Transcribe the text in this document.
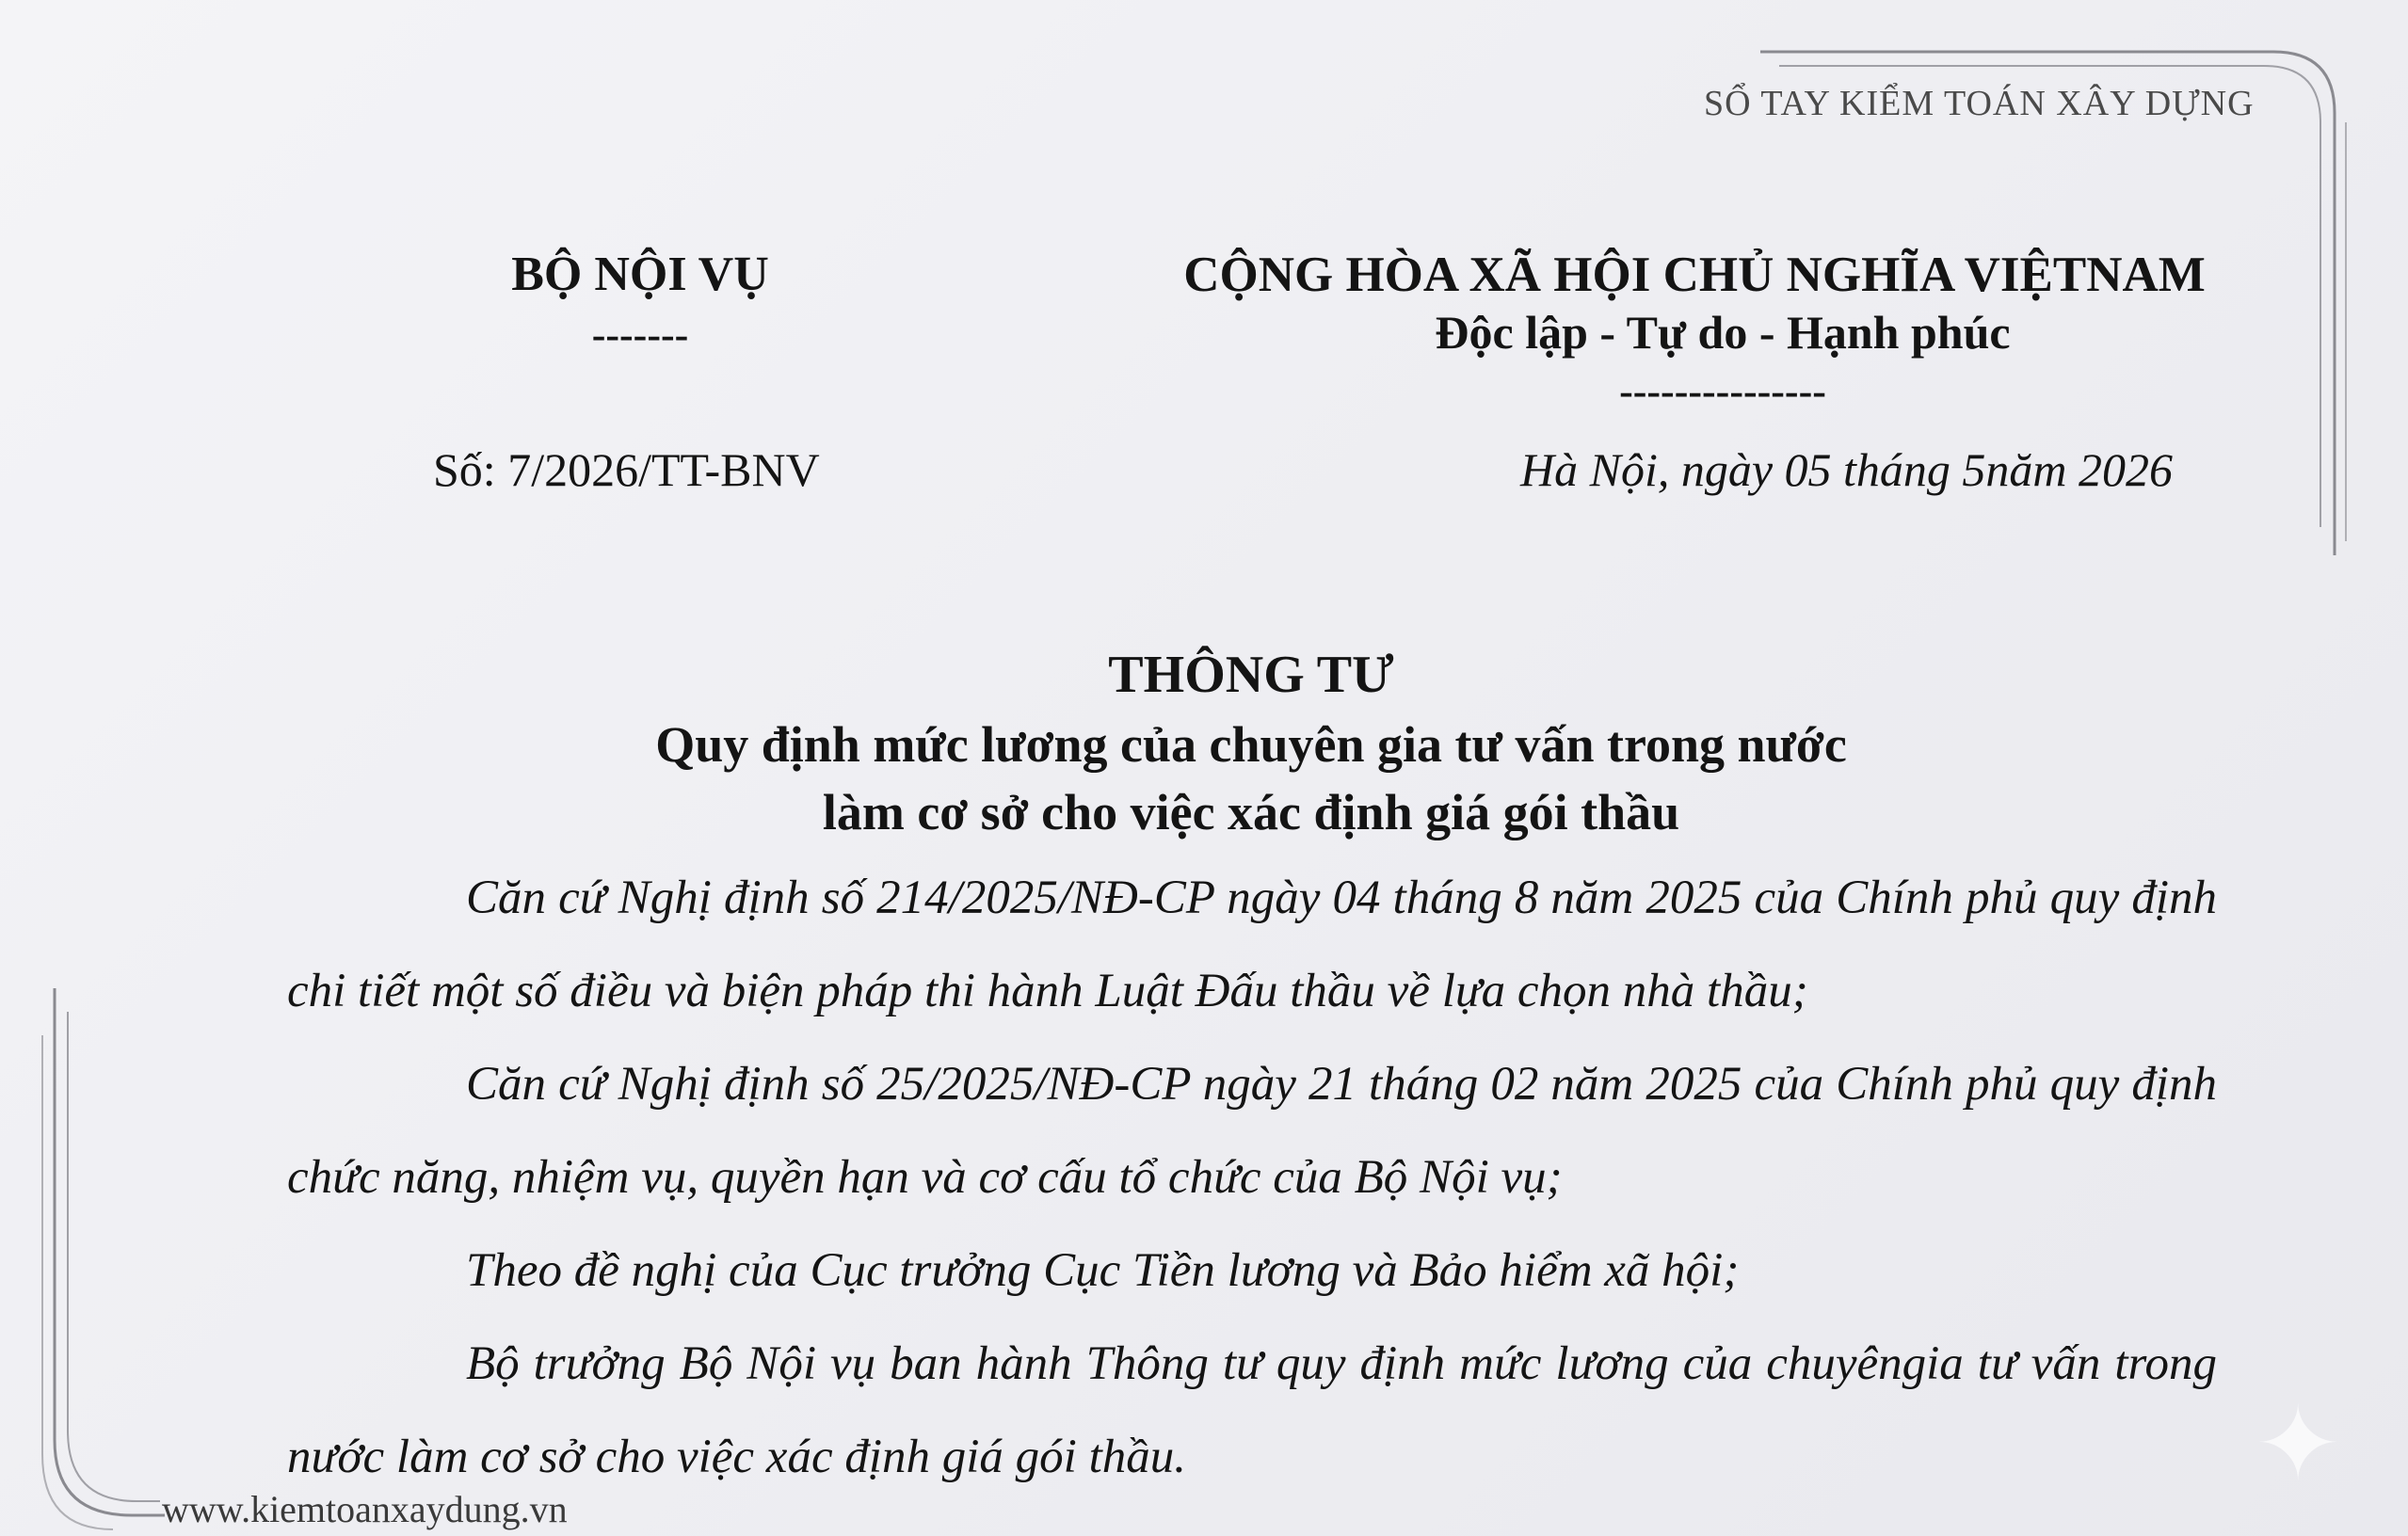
SỔ TAY KIỂM TOÁN XÂY DỰNG
BỘ NỘI VỤ
-------
CỘNG HÒA XÃ HỘI CHỦ NGHĨA VIỆTNAM
Độc lập - Tự do - Hạnh phúc
---------------
Số: 7/2026/TT-BNV	Hà Nội, ngày 05 tháng 5năm 2026
THÔNG TƯ
Quy định mức lương của chuyên gia tư vấn trong nước
làm cơ sở cho việc xác định giá gói thầu

Căn cứ Nghị định số 214/2025/NĐ-CP ngày 04 tháng 8 năm 2025 của Chính phủ quy định chi tiết một số điều và biện pháp thi hành Luật Đấu thầu về lựa chọn nhà thầu;

Căn cứ Nghị định số 25/2025/NĐ-CP ngày 21 tháng 02 năm 2025 của Chính phủ quy định chức năng, nhiệm vụ, quyền hạn và cơ cấu tổ chức của Bộ Nội vụ;

Theo đề nghị của Cục trưởng Cục Tiền lương và Bảo hiểm xã hội;

Bộ trưởng Bộ Nội vụ ban hành Thông tư quy định mức lương của chuyêngia tư vấn trong nước làm cơ sở cho việc xác định giá gói thầu.

www.kiemtoanxaydung.vn
✦
